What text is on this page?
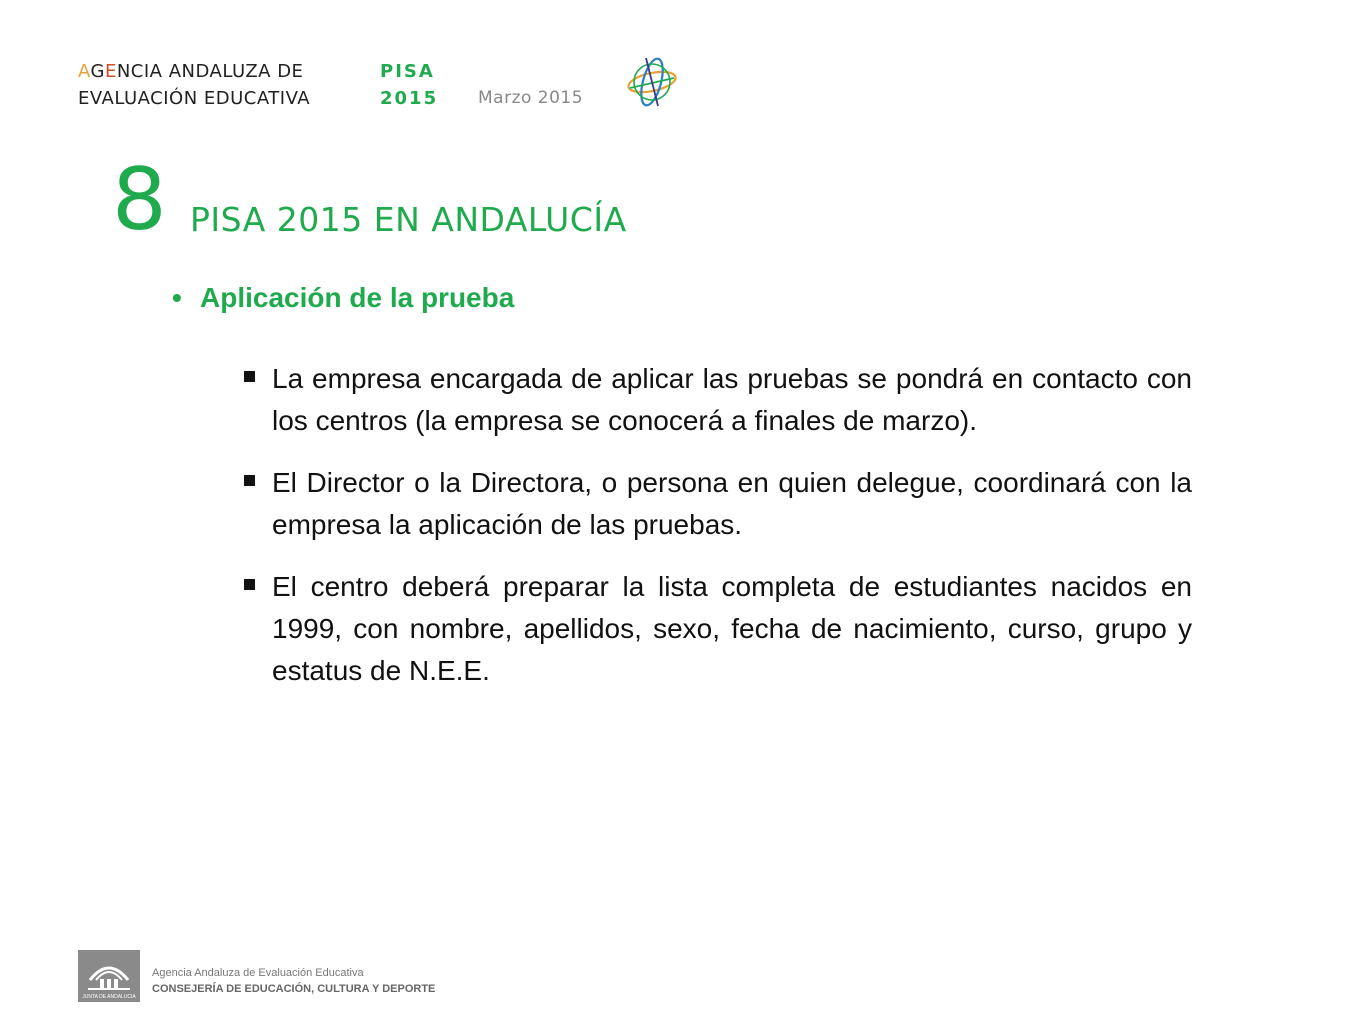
AGENCIA ANDALUZA DE
EVALUACIÓN EDUCATIVA
PISA
2015 Marzo 2015
8 PISA 2015 EN ANDALUCÍA
• Aplicación de la prueba
La empresa encargada de aplicar las pruebas se pondrá en contacto con los centros (la empresa se conocerá a finales de marzo).
El Director o la Directora, o persona en quien delegue, coordinará con la empresa la aplicación de las pruebas.
El centro deberá preparar la lista completa de estudiantes nacidos en 1999, con nombre, apellidos, sexo, fecha de nacimiento, curso, grupo y estatus de N.E.E.
JUNTA DE ANDALUCIA
Agencia Andaluza de Evaluación Educativa
CONSEJERÍA DE EDUCACIÓN, CULTURA Y DEPORTE
